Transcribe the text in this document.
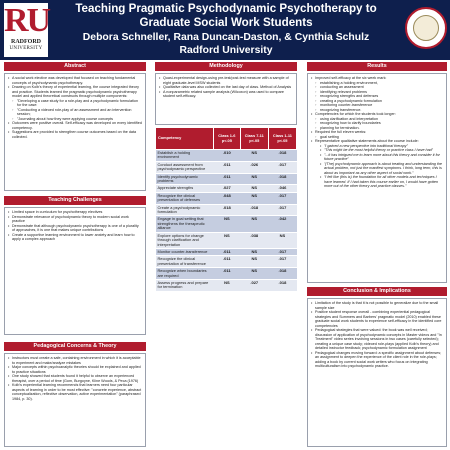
RU
RADFORD
UNIVERSITY
Teaching Pragmatic Psychodynamic Psychotherapy to Graduate Social Work Students
Debora Schneller, Rana Duncan-Daston, & Cynthia Schulz
Radford University
Abstract
• A social work elective was developed that focused on teaching fundamental concepts of psychodynamic psychotherapy.
• Drawing on Kolb's theory of experiential learning, the course integrated theory and practice. Students learned the pragmatic psychodynamic psychotherapy model and applied theoretical constructs through multiple components:
◦ "Developing a case study for a role-play and a psychodynamic formulation for the case:
◦ "Conducting a videoed role-play of an assessment and an intervention session;
◦ "Journaling about how they were applying course concepts
• Outcomes were positive overall. Self-efficacy was developed on every identified competency.
• Suggestions are provided to strengthen course outcomes based on the data collected.
Teaching Challenges
• Limited space in curriculum for psychotherapy electives
• Demonstrate relevance of psychodynamic theory to modern social work practice
• Demonstrate that although psychodynamic psychotherapy is one of a plurality of approaches, it is one that makes unique contributions
• Create a supportive learning environment to lower anxiety and learn how to apply a complex approach
Pedagogical Concerns & Theory
• Instructors must create a safe, containing environment in which it is acceptable to experiment and make/analyze mistakes
• Major concepts within psychoanalytic theories should be explained and applied to practice situations
• One study showed that students found it helpful to observe an experienced therapist, over a period of time (Gom, Burgoyne, Kline Woods, & Peca (1976)
• Kolb's experiential learning recommends that learners need four particular aspects of learning in order to be most effective: "concrete experience, abstract conceptualization, reflective observation, active experimentation" (paraphrased 1984, p. 30).
Methodology
• Quasi-experimental design-using pre-test/post-test measure with a sample of eight graduate-level MSW students
• Qualitative data was also collected on the last day of class. Method of Analysis
• A nonparametric related sample analysis (Wilcoxon) was used to compare student self-efficacy.
Competency	Class 1-6 p<.05	Class 7-11 p<.05	Class 1-11 p<.05
Establish a holding environment	.010	NS	.018
Conduct assessment from psychodynamic perspective	.011	.026	.017
Identify psychodynamic problems	.011	NS	.018
Appreciate strengths	.027	NS	.046
Recognize the clinical presentation of defenses	.048	NS	.017
Create a psychodynamic formulation	.018	.018	.017
Engage in goal setting that strengthens the therapeutic alliance	NS	NS	.042
Explore options for change through clarification and interpretation	NS	.038	NS
Monitor counter-transference	.011	NS	.017
Recognize the clinical presentation of transference	.011	NS	.017
Recognize when boundaries are required	.011	NS	.018
Assess progress and prepare for termination	NS	.027	.018
Results
• Improved self-efficacy at the six week mark:
◦ establishing a holding environment,
◦ conducting an assessment
◦ identifying relevant problems
◦ recognizing strengths and defenses
◦ creating a psychodynamic formulation
◦ monitoring counter-transference
◦ recognizing transference.
• Competencies for which the students took longer:
◦ using clarification and interpretation
◦ recognizing how to clarify boundaries
◦ planning for termination.
• Required the full eleven weeks:
◦ goal setting
• Representative qualitative statements about the course include:
• "I gained a new perspective into traditional therapy"
• "This might be the most helpful theory or practice class I have had"
• "...it has intrigued me to learn more about this theory and consider it for future practice"
• "(The) psychodynamic approach is about treating and understanding the actual problem, not just the manifest symptoms. I think, long term, this is about as important as any other aspect of social work."
• "I felt like (this is) the foundation for all other models and techniques I have learned. If I had taken this course earlier on, I would have gotten more out of the other theory and practice classes."
Conclusion & Implications
• Limitation of the study is that it is not possible to generalize due to the small sample size
• Positive student response overall - combining experiential pedagogical strategies and Summers and Barbers' pragmatic model (2010) enabled these graduate social work students to experience self-efficacy in the identified core competencies
• Pedagogical strategies that were valued: the book was well received; discussion of application of psychodynamic concepts in Master videos and "In Treatment" video series involving sessions in two cases (carefully selected); creating a unique case study; videoed role-plays (applied Kolb's theory) and detailed instructor feedback; psychodynamic formulation assignment
• Pedagogical changes moving forward: a specific assignment about defenses; an assignment to deepen the experience of the client role in the role-plays; adding a book by current social work writers who focus on integrating multiculturalism into psychodynamic practice.
